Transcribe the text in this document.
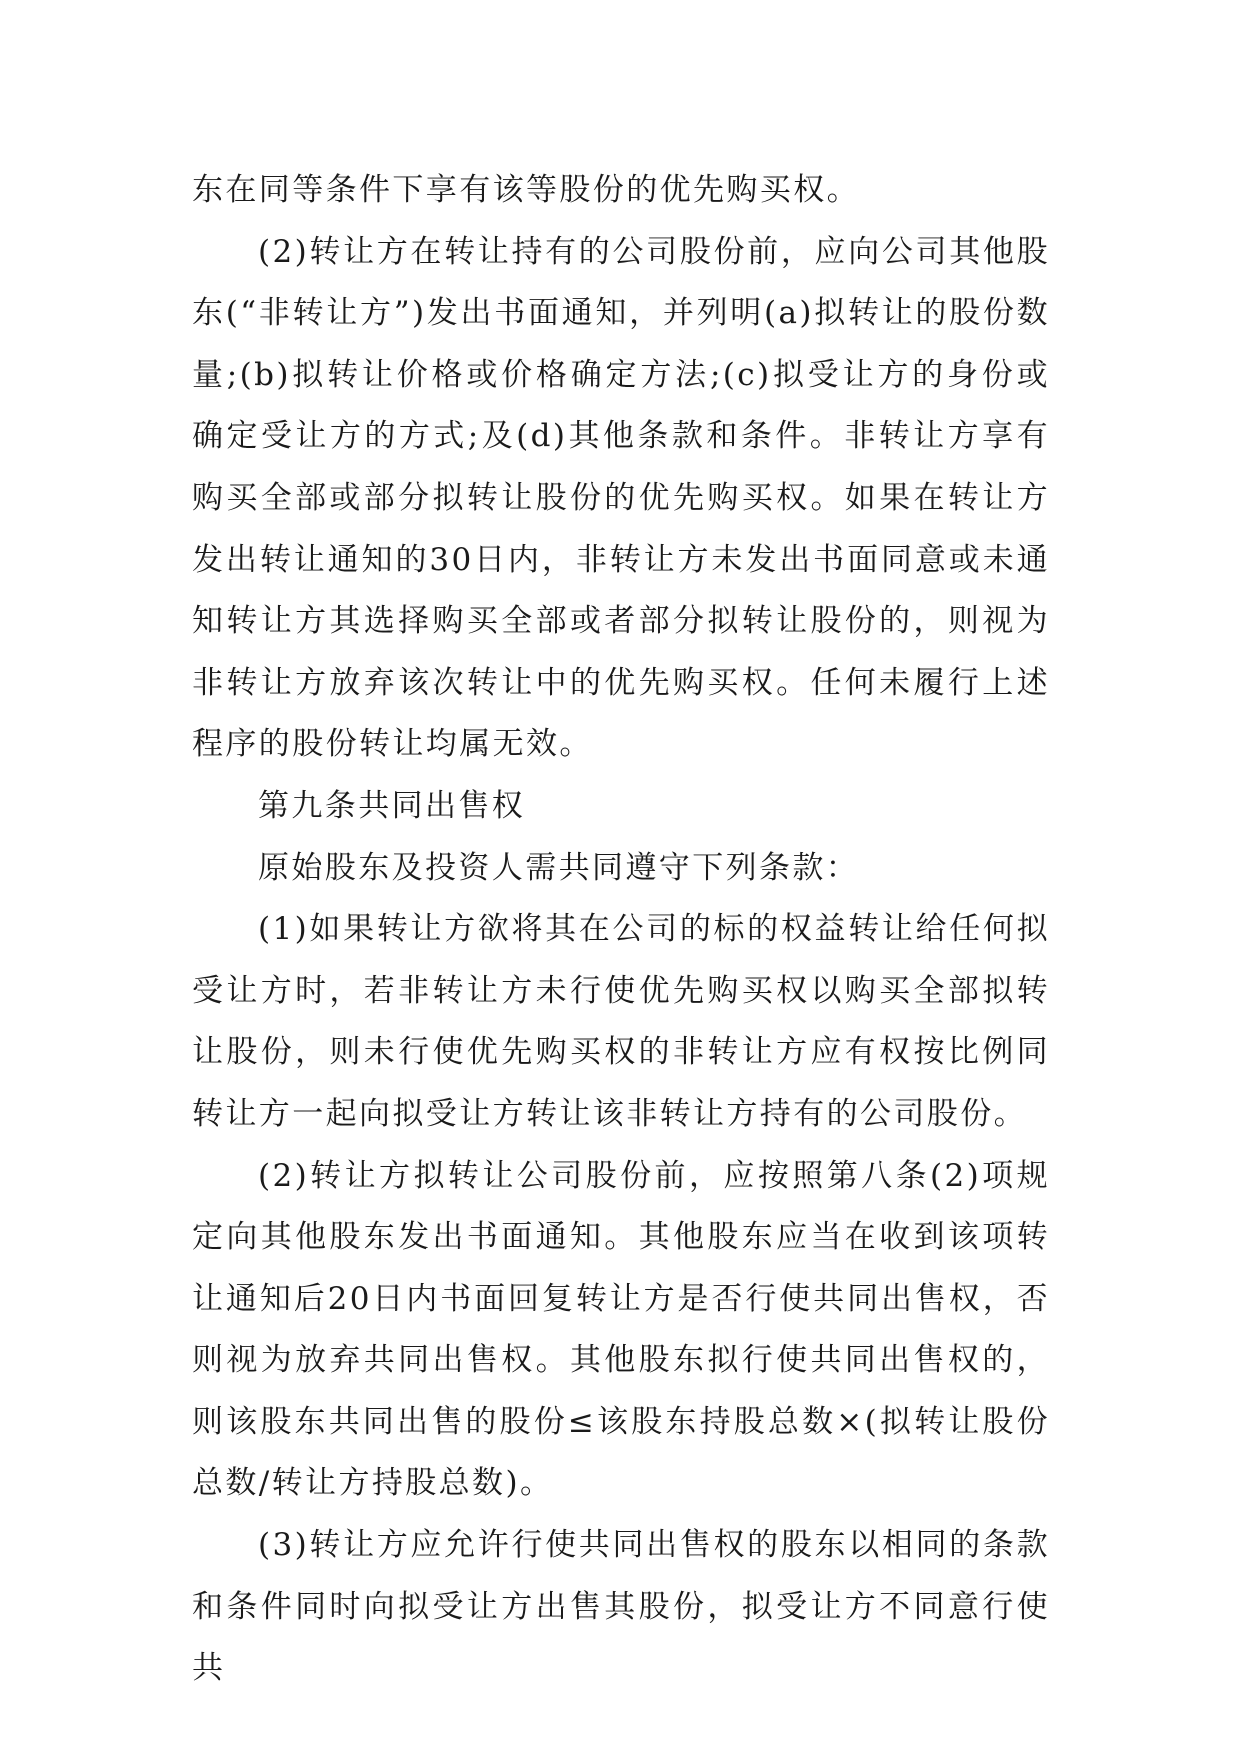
东在同等条件下享有该等股份的优先购买权。

(2)转让方在转让持有的公司股份前，应向公司其他股东(“非转让方”)发出书面通知，并列明(a)拟转让的股份数量;(b)拟转让价格或价格确定方法;(c)拟受让方的身份或确定受让方的方式;及(d)其他条款和条件。非转让方享有购买全部或部分拟转让股份的优先购买权。如果在转让方发出转让通知的30日内，非转让方未发出书面同意或未通知转让方其选择购买全部或者部分拟转让股份的，则视为非转让方放弃该次转让中的优先购买权。任何未履行上述程序的股份转让均属无效。

第九条共同出售权

原始股东及投资人需共同遵守下列条款：

(1)如果转让方欲将其在公司的标的权益转让给任何拟受让方时，若非转让方未行使优先购买权以购买全部拟转让股份，则未行使优先购买权的非转让方应有权按比例同转让方一起向拟受让方转让该非转让方持有的公司股份。

(2)转让方拟转让公司股份前，应按照第八条(2)项规定向其他股东发出书面通知。其他股东应当在收到该项转让通知后20日内书面回复转让方是否行使共同出售权，否则视为放弃共同出售权。其他股东拟行使共同出售权的，则该股东共同出售的股份≤该股东持股总数×(拟转让股份总数/转让方持股总数)。

(3)转让方应允许行使共同出售权的股东以相同的条款和条件同时向拟受让方出售其股份，拟受让方不同意行使共
